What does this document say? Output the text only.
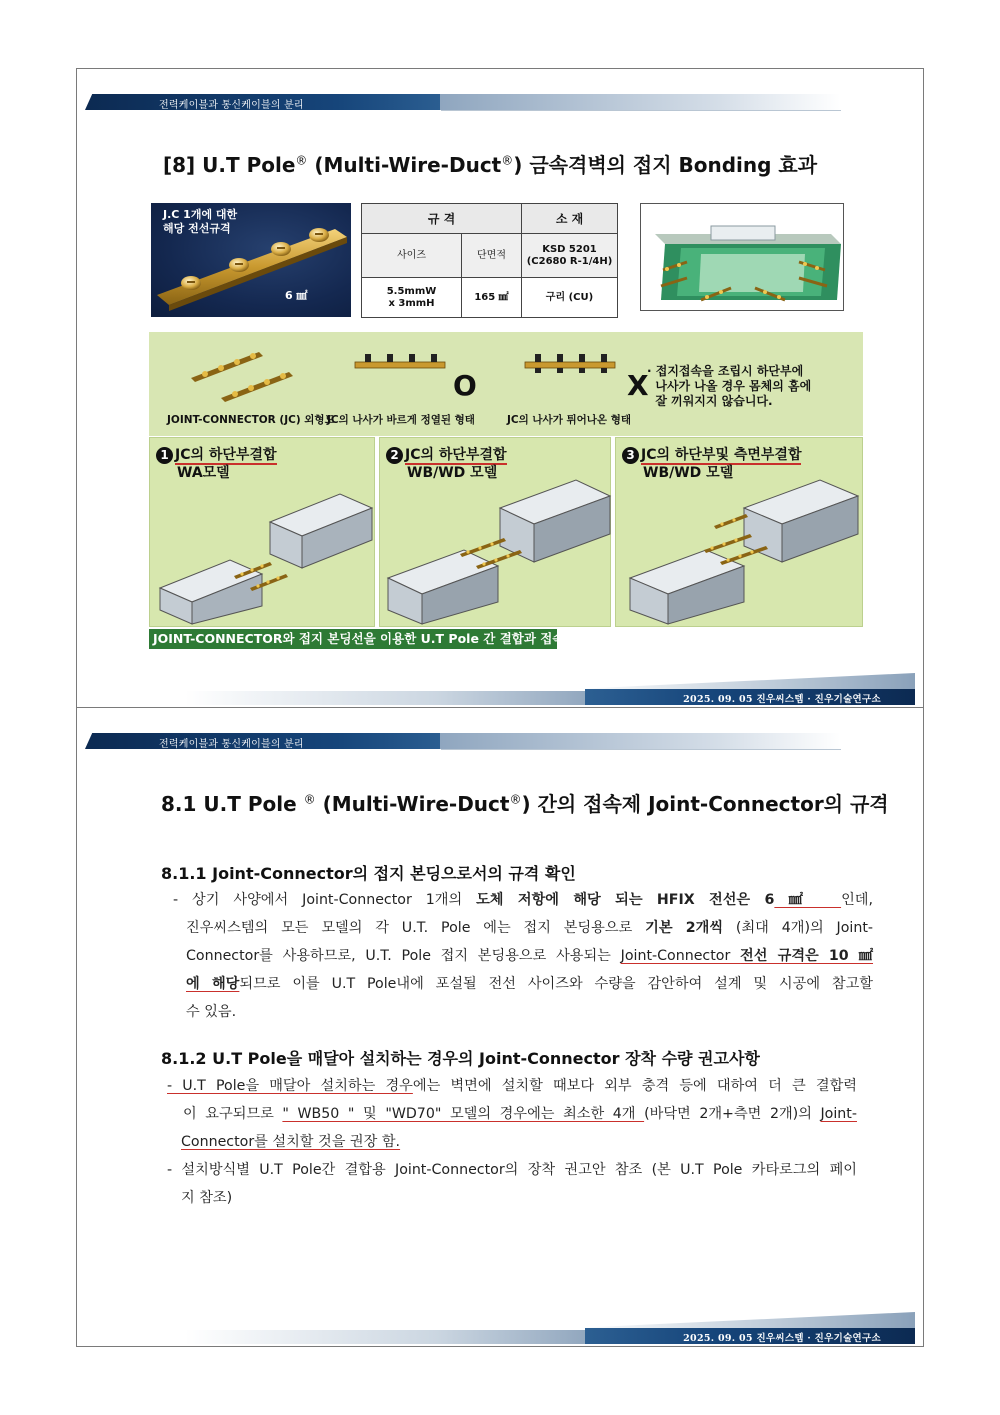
전력케이블과 통신케이블의 분리
[8] U.T Pole® (Multi-Wire-Duct®) 금속격벽의 접지 Bonding 효과
J.C 1개에 대한
해당 전선규격
6 ㎟
규 격		소 재
사이즈	단면적	KSD 5201
(C2680 R-1/4H)

5.5mmW
x 3mmH	165 ㎟	구리 (CU)
O	X
JOINT-CONNECTOR (JC) 외형도
JC의 나사가 바르게 정열된 형태	JC의 나사가 튀어나온 형태
· 접지접속을 조립시 하단부에
나사가 나올 경우 몸체의 홈에
잘 끼워지지 않습니다.
1 JC의 하단부결합
WA모델
2 JC의 하단부결합
WB/WD 모델
3 JC의 하단부및 측면부결합
WB/WD 모델
JOINT-CONNECTOR와 접지 본딩선을 이용한 U.T Pole 간 결합과 접속방법
2025. 09. 05 진우씨스템 · 진우기술연구소
전력케이블과 통신케이블의 분리
8.1 U.T Pole ® (Multi-Wire-Duct®) 간의 접속제 Joint-Connector의 규격
8.1.1 Joint-Connector의 접지 본딩으로서의 규격 확인
- 상기 사양에서 Joint-Connector 1개의 도체 저항에 해당 되는 HFIX 전선은 6 ㎟  인데,
진우씨스템의 모든 모델의 각 U.T. Pole 에는 접지 본딩용으로 기본 2개씩 (최대 4개)의 Joint-
Connector를 사용하므로, U.T. Pole 접지 본딩용으로 사용되는 Joint-Connector 전선 규격은 10 ㎟
에 해당되므로 이를 U.T Pole내에 포설될 전선 사이즈와 수량을 감안하여 설계 및 시공에 참고할
수 있음.
8.1.2 U.T Pole을 매달아 설치하는 경우의 Joint-Connector 장착 수량 권고사항
- U.T Pole을 매달아 설치하는 경우에는 벽면에 설치할 때보다 외부 충격 등에 대하여 더 큰 결합력
이 요구되므로 " WB50 " 및 "WD70" 모델의 경우에는 최소한 4개 (바닥면 2개+측면 2개)의 Joint-
Connector를 설치할 것을 권장 함.
- 설치방식별 U.T Pole간 결합용 Joint-Connector의 장착 권고안 참조 (본 U.T Pole 카타로그의 페이
지 참조)
2025. 09. 05 진우씨스템 · 진우기술연구소
